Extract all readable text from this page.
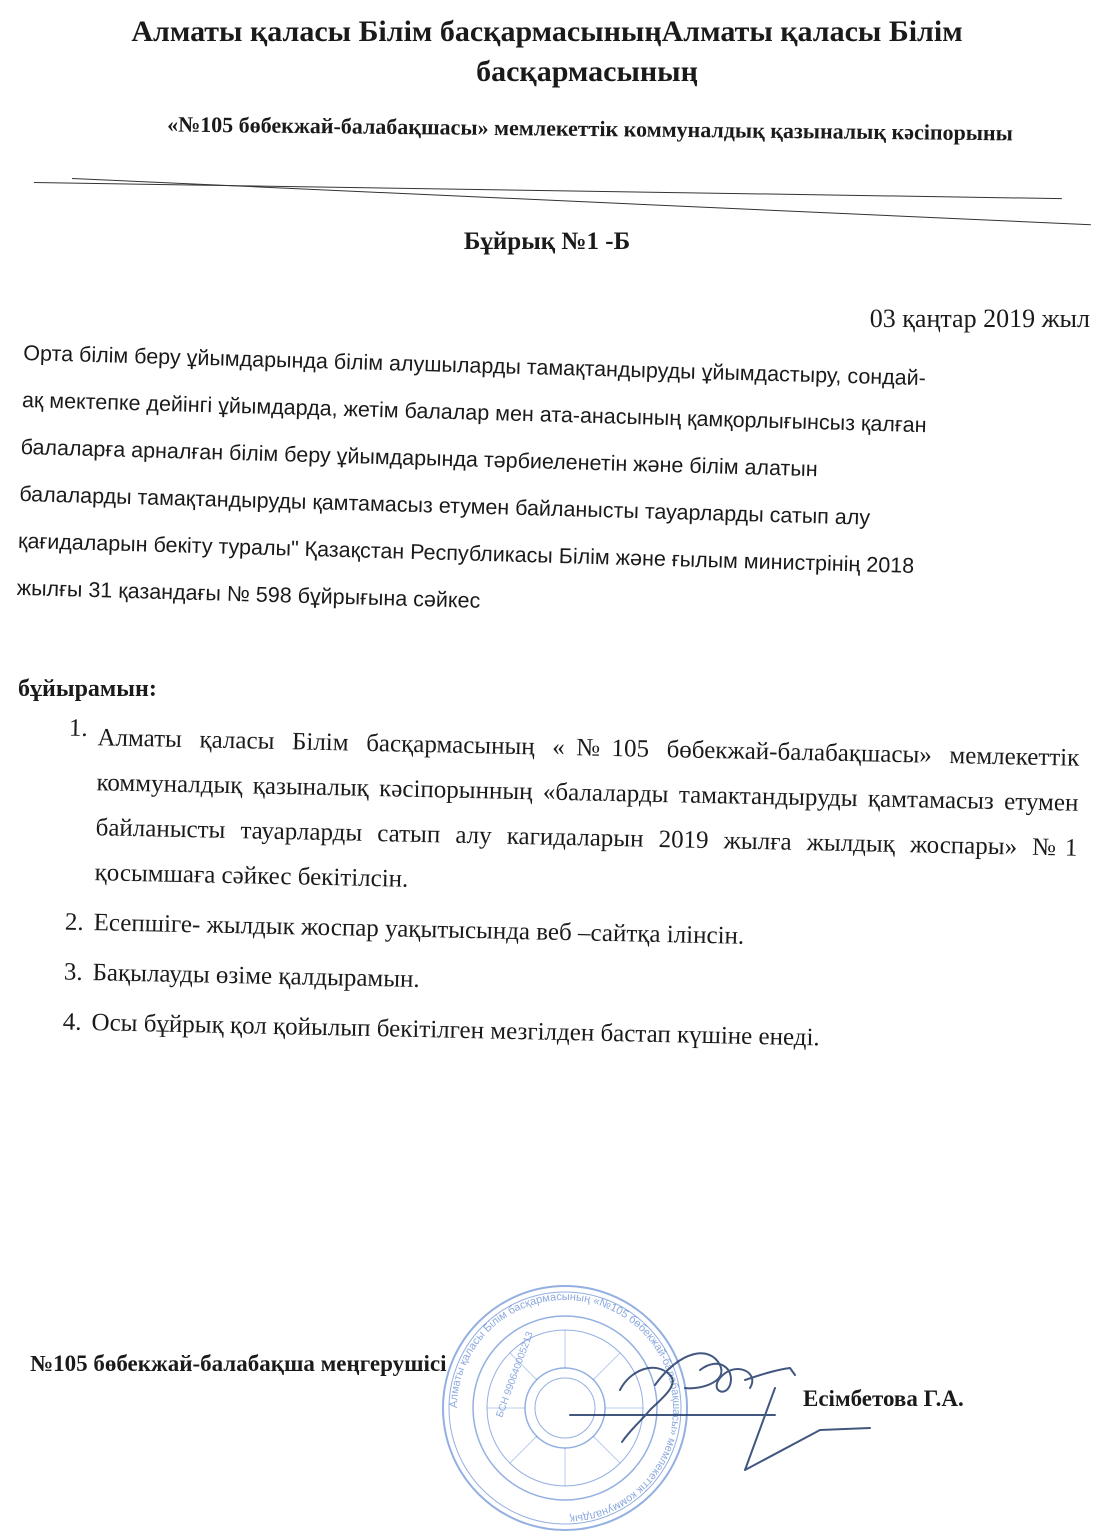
Алматы қаласы Білім басқармасыныңАлматы қаласы Білім
басқармасының
«№105 бөбекжай-балабақшасы» мемлекеттік коммуналдық қазыналық кәсіпорыны
Бұйрық №1 -Б
03 қаңтар 2019 жыл
Орта білім беру ұйымдарында білім алушыларды тамақтандыруды ұйымдастыру, сондай-
ақ мектепке дейінгі ұйымдарда, жетім балалар мен ата-анасының қамқорлығынсыз қалған
балаларға арналған білім беру ұйымдарында тәрбиеленетін және білім алатын
балаларды тамақтандыруды қамтамасыз етумен байланысты тауарларды сатып алу
қағидаларын бекіту туралы" Қазақстан Республикасы Білім және ғылым министрінің 2018
жылғы 31 қазандағы № 598 бұйрығына сәйкес
бұйырамын:
1. Алматы қаласы Білім басқармасының «№105 бөбекжай-балабақшасы» мемлекеттік коммуналдық қазыналық кәсіпорынның «балаларды тамактандыруды қамтамасыз етумен байланысты тауарларды сатып алу кагидаларын 2019 жылға жылдық жоспары» №1 қосымшаға сәйкес бекітілсін.
2. Есепшіге- жылдык жоспар уақытысында веб –сайтқа ілінсін.
3. Бақылауды өзіме қалдырамын.
4. Осы бұйрық қол қойылып бекітілген мезгілден бастап күшіне енеді.
Алматы қаласы Білім басқармасының «№105 бөбекжай-балабақшасы» мемлекеттік коммуналдық
БСН 990640005213
№105 бөбекжай-балабақша меңгерушісі
Есімбетова Г.А.
